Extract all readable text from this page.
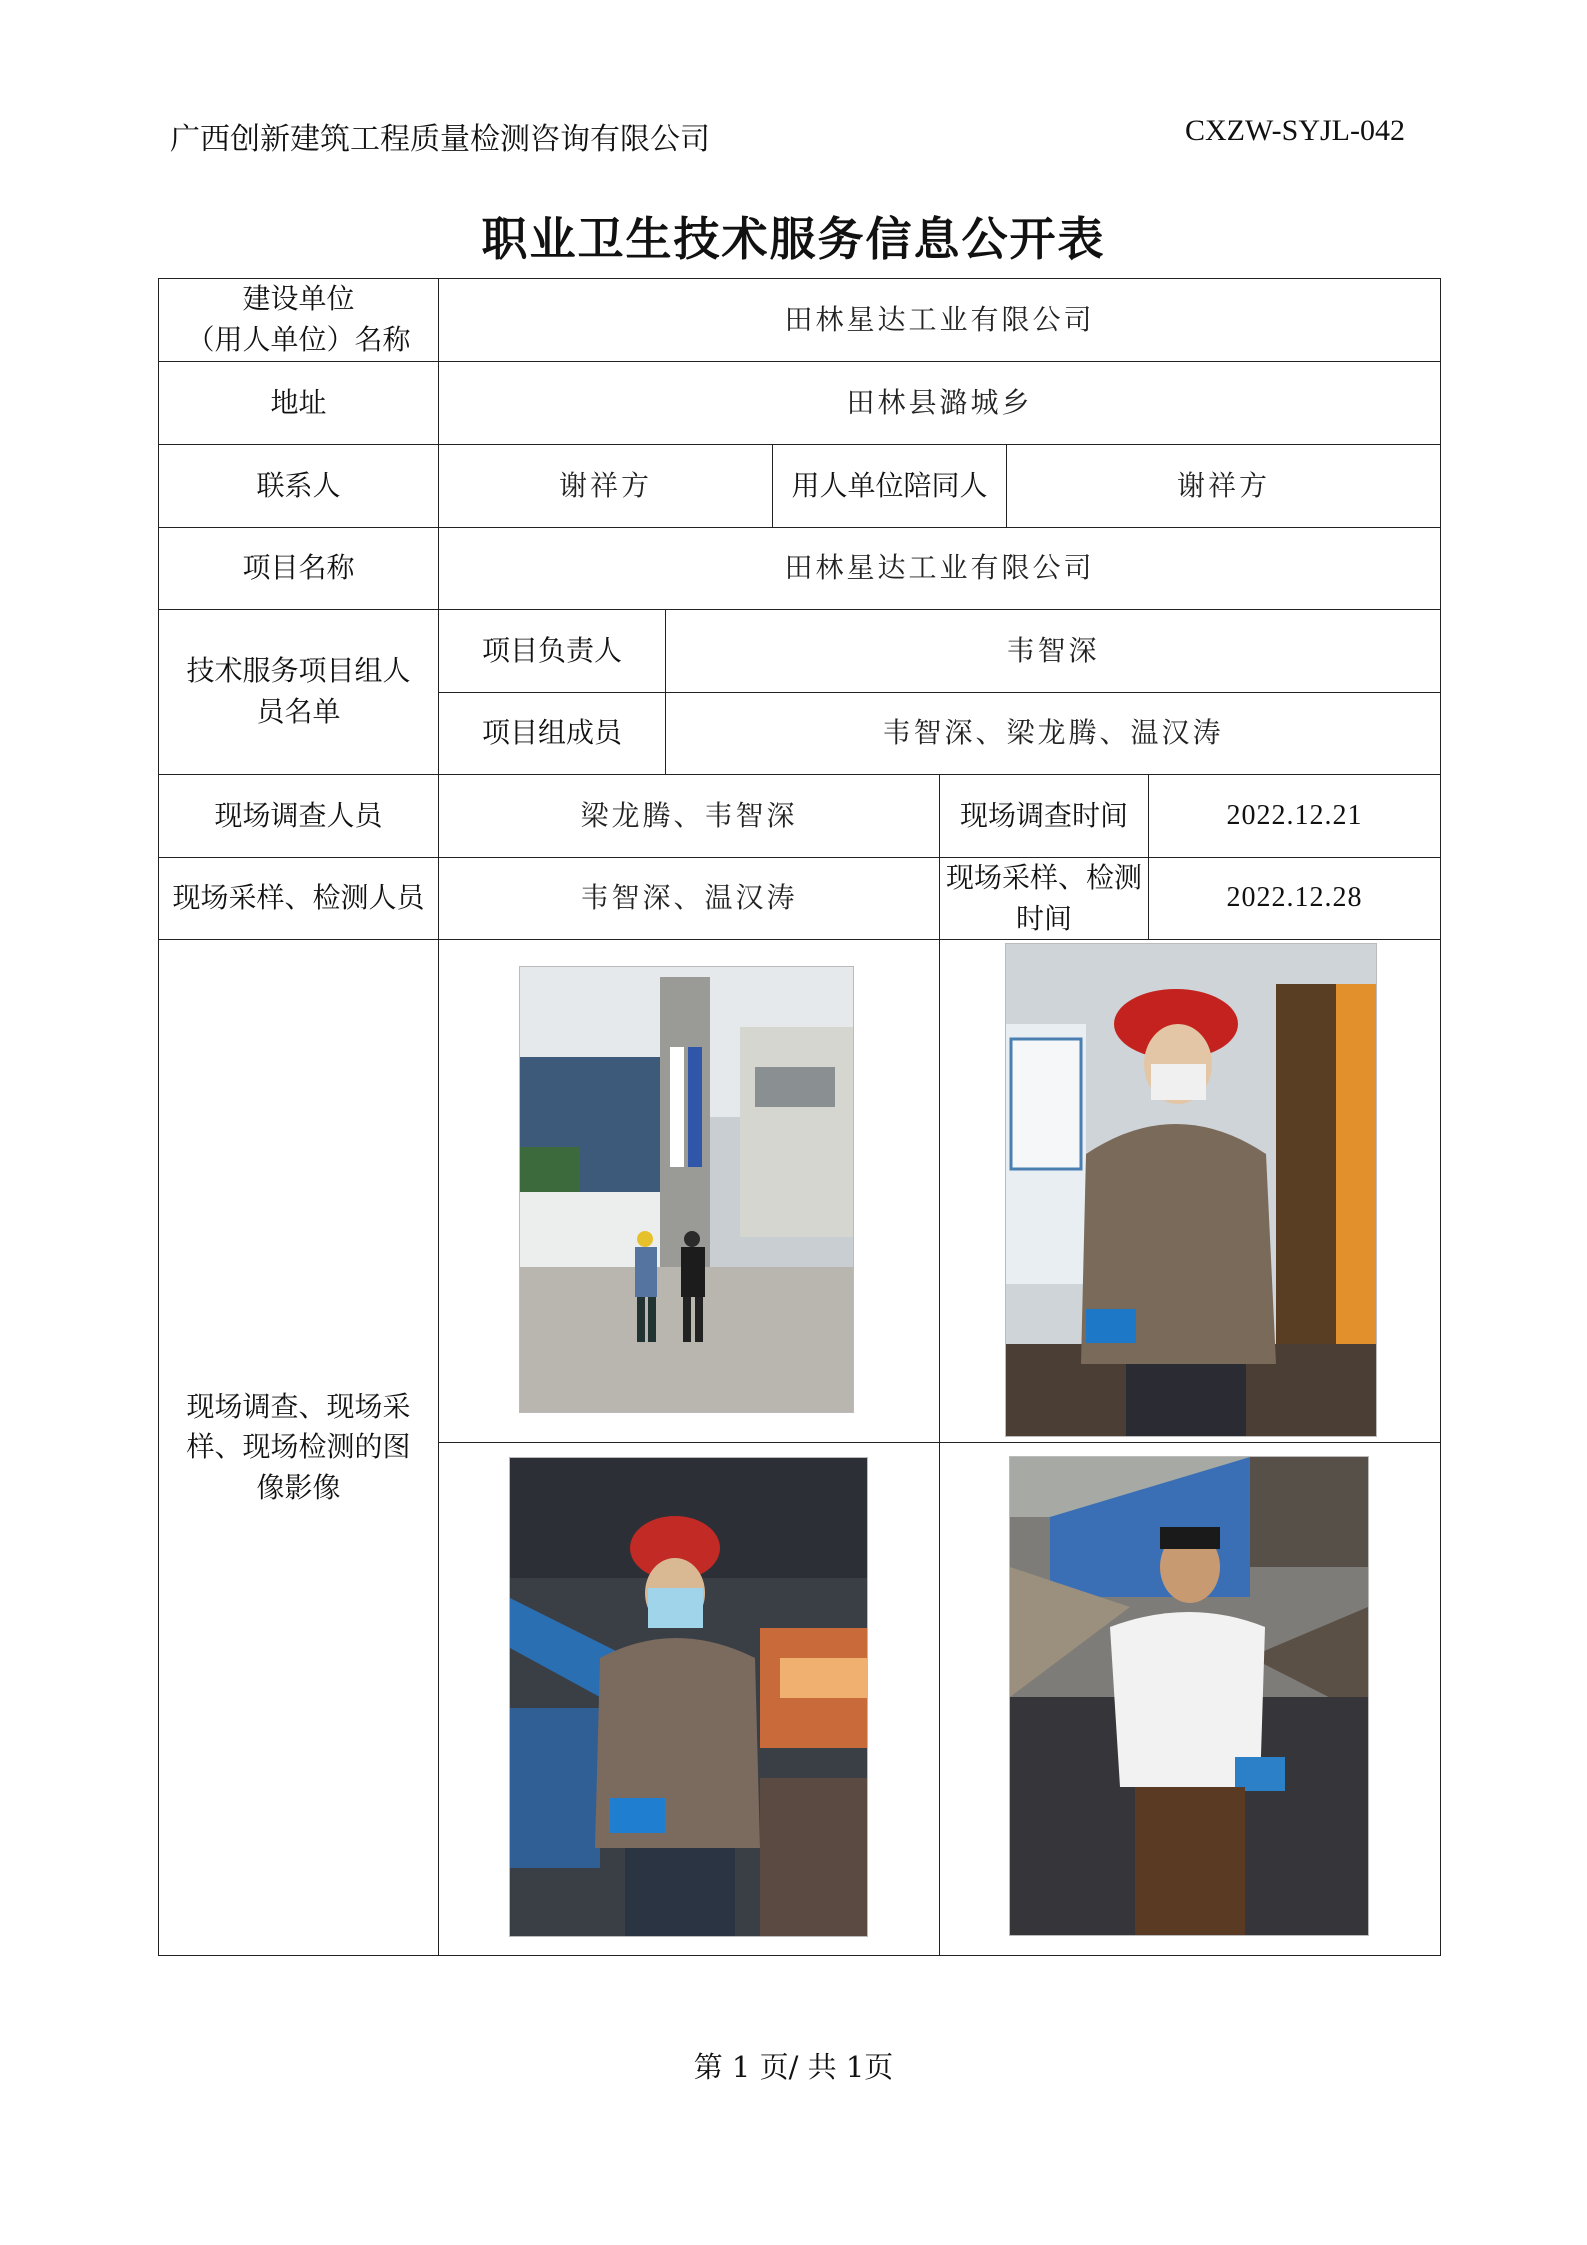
广西创新建筑工程质量检测咨询有限公司	CXZW-SYJL-042
职业卫生技术服务信息公开表
建设单位
（用人单位）名称	田林星达工业有限公司					
地址	田林县潞城乡					
联系人	谢祥方		用人单位陪同人		谢祥方	
项目名称	田林星达工业有限公司					
技术服务项目组人员名单	项目负责人	韦智深				
	项目组成员	韦智深、梁龙腾、温汉涛				
现场调查人员	梁龙腾、韦智深			现场调查时间		2022.12.21
现场采样、检测人员	韦智深、温汉涛			现场采样、检测时间		2022.12.28
现场调查、现场采样、现场检测的图像影像	

第 1 页/ 共 1页
